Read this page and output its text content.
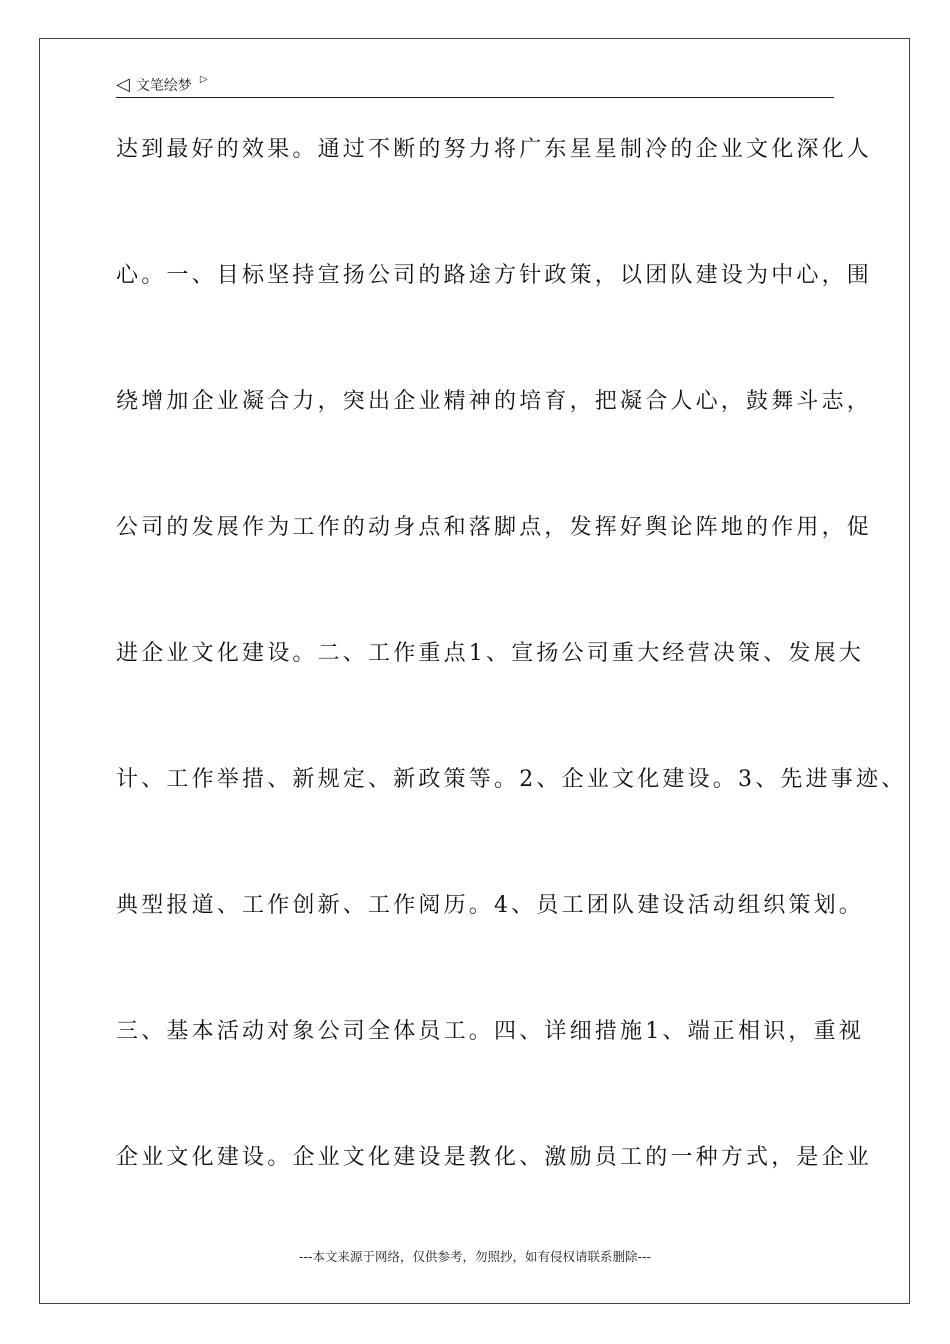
◁ 文笔绘梦 ▷
达到最好的效果。通过不断的努力将广东星星制冷的企业文化深化人
心。一、目标坚持宣扬公司的路途方针政策，以团队建设为中心，围
绕增加企业凝合力，突出企业精神的培育，把凝合人心，鼓舞斗志，
公司的发展作为工作的动身点和落脚点，发挥好舆论阵地的作用，促
进企业文化建设。二、工作重点1、宣扬公司重大经营决策、发展大
计、工作举措、新规定、新政策等。2、企业文化建设。3、先进事迹、
典型报道、工作创新、工作阅历。4、员工团队建设活动组织策划。
三、基本活动对象公司全体员工。四、详细措施1、端正相识，重视
企业文化建设。企业文化建设是教化、激励员工的一种方式，是企业
---本文来源于网络，仅供参考，勿照抄，如有侵权请联系删除---
